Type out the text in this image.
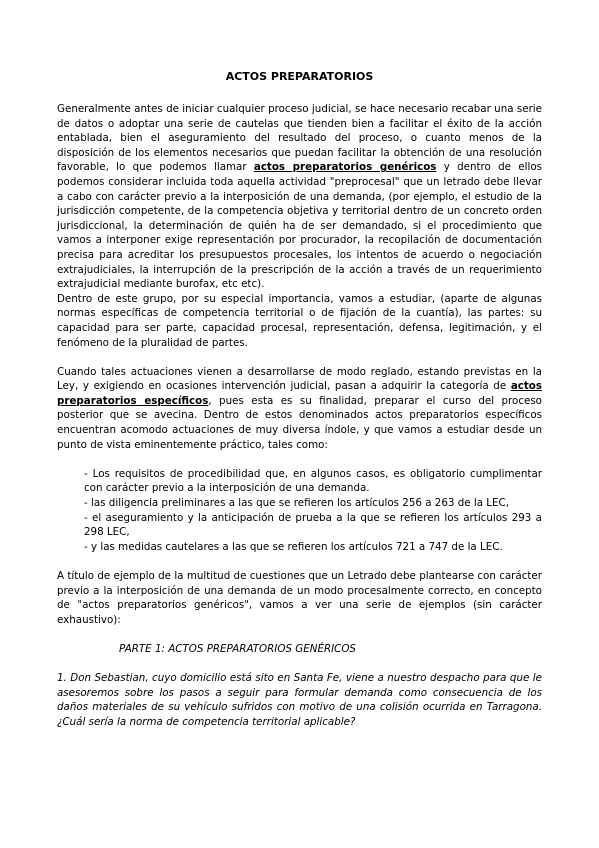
ACTOS PREPARATORIOS

Generalmente antes de iniciar cualquier proceso judicial, se hace necesario recabar una serie de datos o adoptar una serie de cautelas que tienden bien a facilitar el éxito de la acción entablada, bien el aseguramiento del resultado del proceso, o cuanto menos de la disposición de los elementos necesarios que puedan facilitar la obtención de una resolución favorable, lo que podemos llamar actos preparatorios genéricos y dentro de ellos podemos considerar incluida toda aquella actividad "preprocesal" que un letrado debe llevar a cabo con carácter previo a la interposición de una demanda, (por ejemplo, el estudio de la jurisdicción competente, de la competencia objetiva y territorial dentro de un concreto orden jurisdiccional, la determinación de quién ha de ser demandado, si el procedimiento que vamos a interponer exige representación por procurador, la recopilación de documentación precisa para acreditar los presupuestos procesales, los intentos de acuerdo o negociación extrajudiciales, la interrupción de la prescripción de la acción a través de un requerimiento extrajudicial mediante burofax, etc etc).

Dentro de este grupo, por su especial importancia, vamos a estudiar, (aparte de algunas normas específicas de competencia territorial o de fijación de la cuantía), las partes: su capacidad para ser parte, capacidad procesal, representación, defensa, legitimación, y el fenómeno de la pluralidad de partes.

Cuando tales actuaciones vienen a desarrollarse de modo reglado, estando previstas en la Ley, y exigiendo en ocasiones intervención judicial, pasan a adquirir la categoría de actos preparatorios específicos, pues esta es su finalidad, preparar el curso del proceso posterior que se avecina. Dentro de estos denominados actos preparatorios específicos encuentran acomodo actuaciones de muy diversa índole, y que vamos a estudiar desde un punto de vista eminentemente práctico, tales como:

- Los requisitos de procedibilidad que, en algunos casos, es obligatorio cumplimentar con carácter previo a la interposición de una demanda.
- las diligencia preliminares a las que se refieren los artículos 256 a 263 de la LEC,
- el aseguramiento y la anticipación de prueba a la que se refieren los artículos 293 a 298 LEC,
- y las medidas cautelares a las que se refieren los artículos 721 a 747 de la LEC.

A título de ejemplo de la multitud de cuestiones que un Letrado debe plantearse con carácter previo a la interposición de una demanda de un modo procesalmente correcto, en concepto de "actos preparatorios genéricos", vamos a ver una serie de ejemplos (sin carácter exhaustivo):

PARTE 1: ACTOS PREPARATORIOS GENÉRICOS

1. Don Sebastian, cuyo domicilio está sito en Santa Fe, viene a nuestro despacho para que le asesoremos sobre los pasos a seguir para formular demanda como consecuencia de los daños materiales de su vehículo sufridos con motivo de una colisión ocurrida en Tarragona. ¿Cuál sería la norma de competencia territorial aplicable?
